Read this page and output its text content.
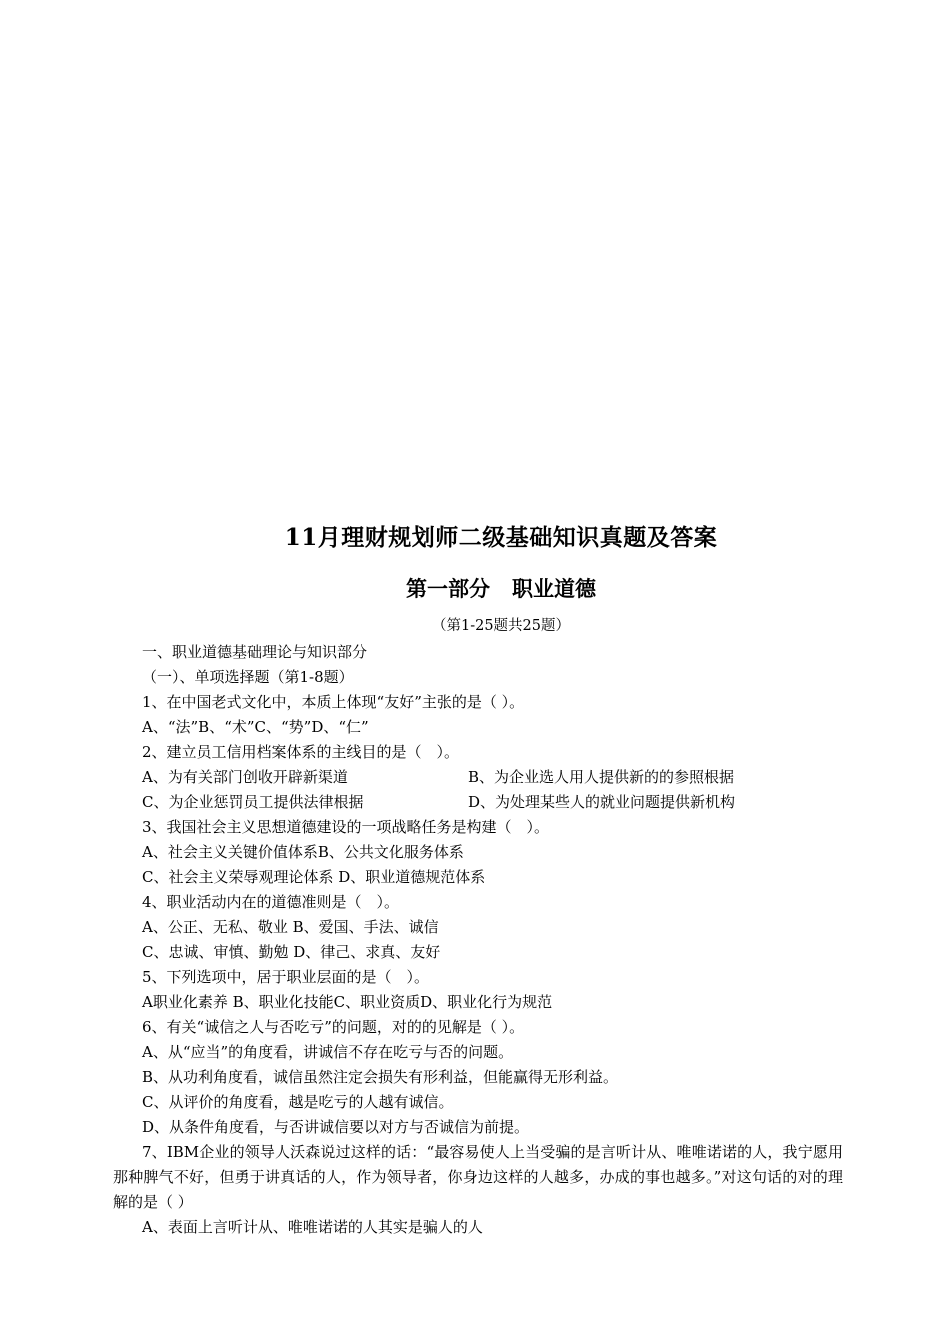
11月理财规划师二级基础知识真题及答案
第一部分   职业道德
（第1-25题共25题）
一、职业道德基础理论与知识部分
（一）、单项选择题（第1-8题）
1、在中国老式文化中，本质上体现“友好”主张的是（ ）。
A、“法”B、“术”C、“势”D、“仁”
2、建立员工信用档案体系的主线目的是（　）。
A、为有关部门创收开辟新渠道	B、为企业选人用人提供新的的参照根据
C、为企业惩罚员工提供法律根据	D、为处理某些人的就业问题提供新机构
3、我国社会主义思想道德建设的一项战略任务是构建（　）。
A、社会主义关键价值体系B、公共文化服务体系
C、社会主义荣辱观理论体系 D、职业道德规范体系
4、职业活动内在的道德准则是（　）。
A、公正、无私、敬业 B、爱国、手法、诚信
C、忠诚、审慎、勤勉 D、律己、求真、友好
5、下列选项中，居于职业层面的是（　）。
A职业化素养 B、职业化技能C、职业资质D、职业化行为规范
6、有关“诚信之人与否吃亏”的问题，对的的见解是（ ）。
A、从“应当”的角度看，讲诚信不存在吃亏与否的问题。
B、从功利角度看，诚信虽然注定会损失有形利益，但能赢得无形利益。
C、从评价的角度看，越是吃亏的人越有诚信。
D、从条件角度看，与否讲诚信要以对方与否诚信为前提。

7、IBM企业的领导人沃森说过这样的话：“最容易使人上当受骗的是言听计从、唯唯诺诺的人，我宁愿用那种脾气不好，但勇于讲真话的人，作为领导者，你身边这样的人越多，办成的事也越多。”对这句话的对的理解的是（ ）

A、表面上言听计从、唯唯诺诺的人其实是骗人的人
